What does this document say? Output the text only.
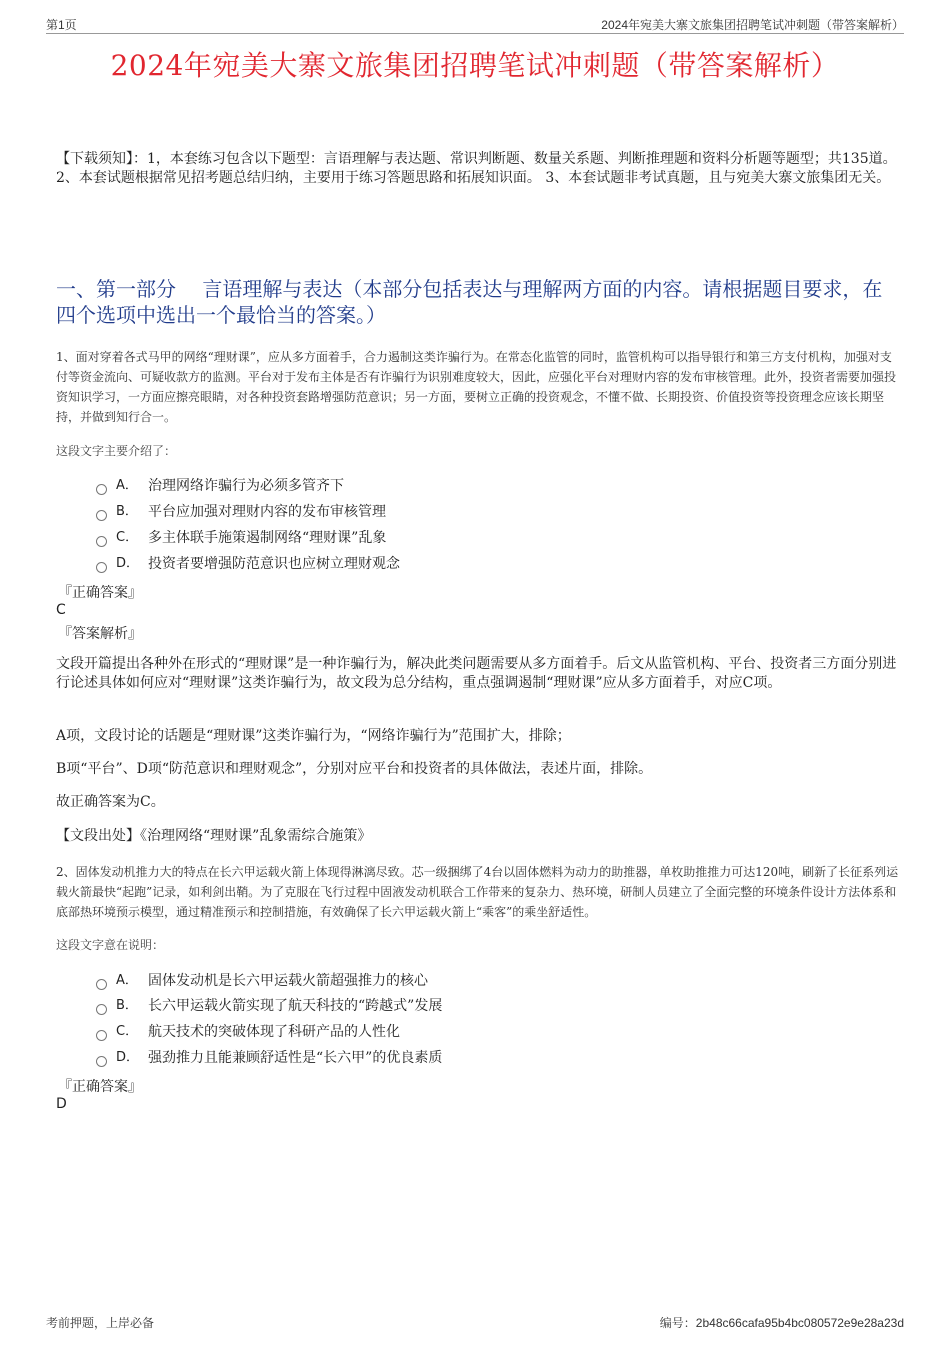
第1页	2024年宛美大寨文旅集团招聘笔试冲刺题（带答案解析）
2024年宛美大寨文旅集团招聘笔试冲刺题（带答案解析）
【下载须知】：1，本套练习包含以下题型：言语理解与表达题、常识判断题、数量关系题、判断推理题和资料分析题等题型；共135道。 2、本套试题根据常见招考题总结归纳，主要用于练习答题思路和拓展知识面。 3、本套试题非考试真题，且与宛美大寨文旅集团无关。
一、第一部分　 言语理解与表达（本部分包括表达与理解两方面的内容。请根据题目要求，在四个选项中选出一个最恰当的答案。）
1、面对穿着各式马甲的网络“理财课”，应从多方面着手，合力遏制这类诈骗行为。在常态化监管的同时，监管机构可以指导银行和第三方支付机构，加强对支付等资金流向、可疑收款方的监测。平台对于发布主体是否有诈骗行为识别难度较大，因此，应强化平台对理财内容的发布审核管理。此外，投资者需要加强投资知识学习，一方面应擦亮眼睛，对各种投资套路增强防范意识；另一方面，要树立正确的投资观念，不懂不做、长期投资、价值投资等投资理念应该长期坚持，并做到知行合一。
这段文字主要介绍了：
A． 治理网络诈骗行为必须多管齐下
B． 平台应加强对理财内容的发布审核管理
C． 多主体联手施策遏制网络“理财课”乱象
D． 投资者要增强防范意识也应树立理财观念
『正确答案』
C
『答案解析』
文段开篇提出各种外在形式的“理财课”是一种诈骗行为，解决此类问题需要从多方面着手。后文从监管机构、平台、投资者三方面分别进行论述具体如何应对“理财课”这类诈骗行为，故文段为总分结构，重点强调遏制“理财课”应从多方面着手，对应C项。
A项，文段讨论的话题是“理财课”这类诈骗行为，“网络诈骗行为”范围扩大，排除；
B项“平台”、D项“防范意识和理财观念”，分别对应平台和投资者的具体做法，表述片面，排除。
故正确答案为C。
【文段出处】《治理网络“理财课”乱象需综合施策》
2、固体发动机推力大的特点在长六甲运载火箭上体现得淋漓尽致。芯一级捆绑了4台以固体燃料为动力的助推器，单枚助推推力可达120吨，刷新了长征系列运载火箭最快“起跑”记录，如利剑出鞘。为了克服在飞行过程中固液发动机联合工作带来的复杂力、热环境，研制人员建立了全面完整的环境条件设计方法体系和底部热环境预示模型，通过精准预示和控制措施，有效确保了长六甲运载火箭上“乘客”的乘坐舒适性。
这段文字意在说明：
A． 固体发动机是长六甲运载火箭超强推力的核心
B． 长六甲运载火箭实现了航天科技的“跨越式”发展
C． 航天技术的突破体现了科研产品的人性化
D． 强劲推力且能兼顾舒适性是“长六甲”的优良素质
『正确答案』
D
考前押题，上岸必备	编号：2b48c66cafa95b4bc080572e9e28a23d
